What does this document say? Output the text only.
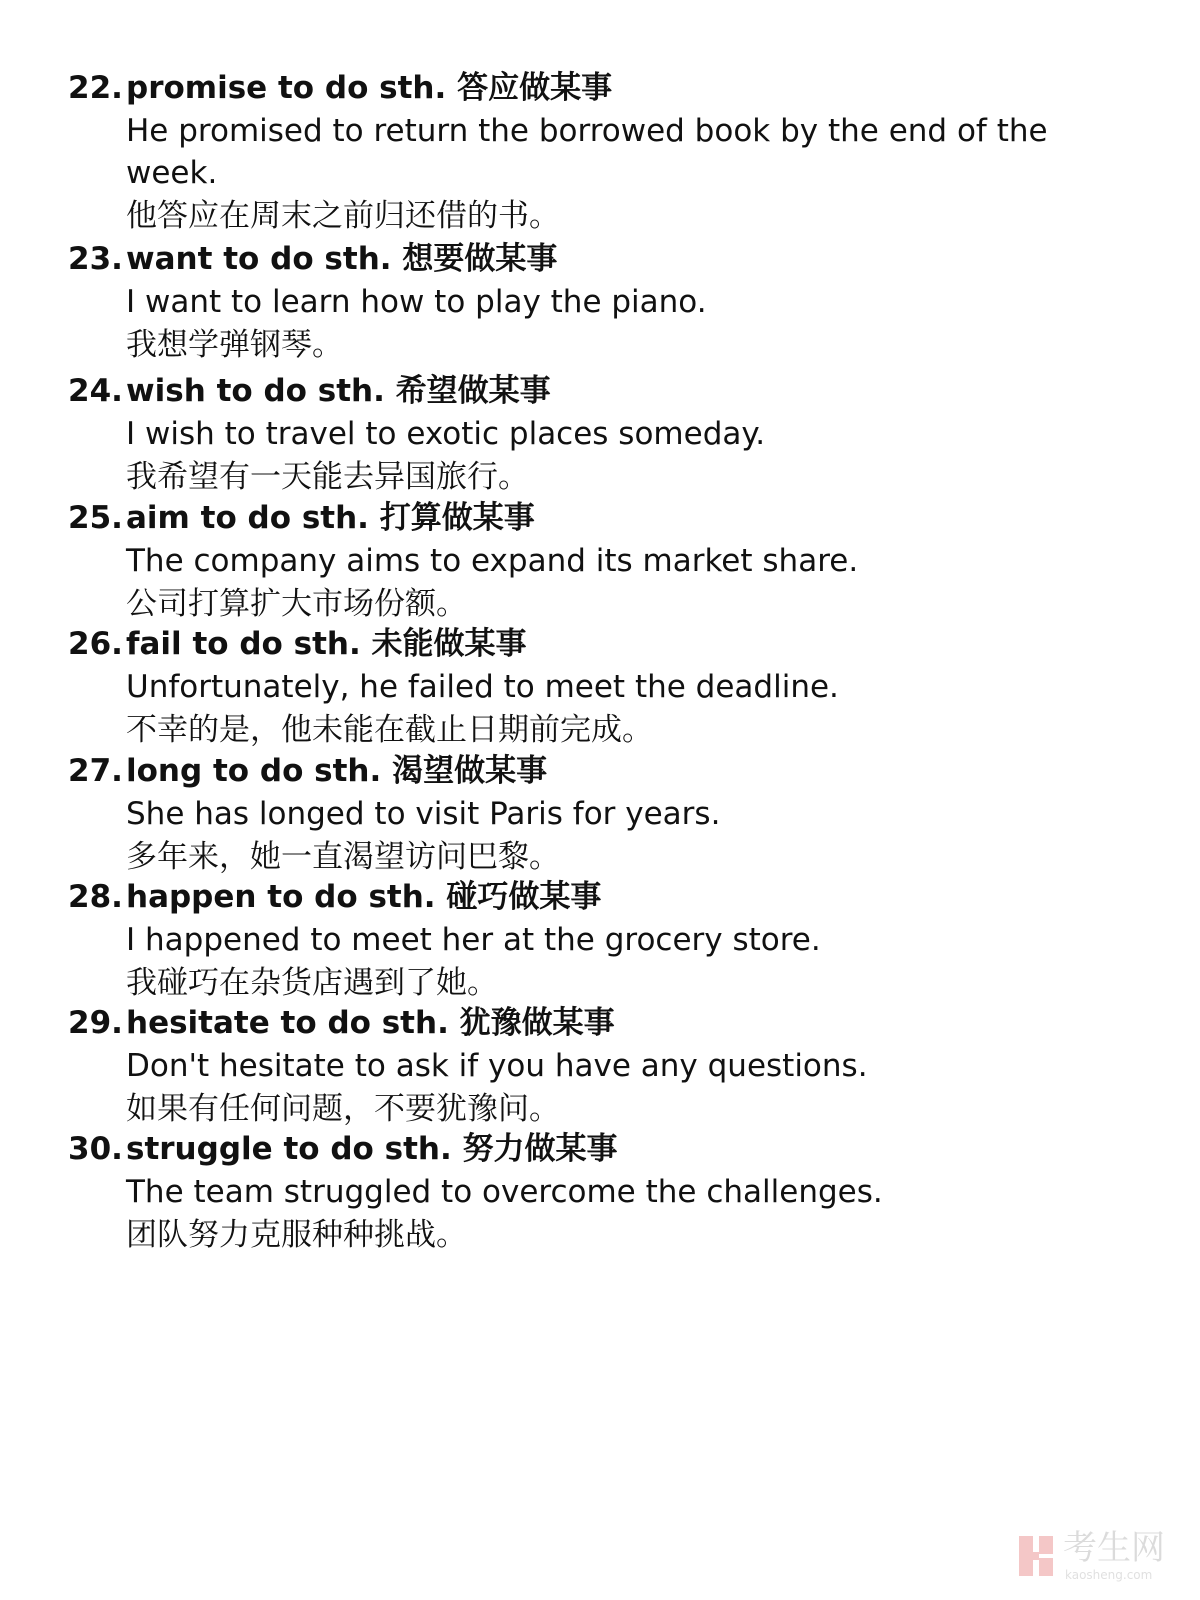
22. promise to do sth. 答应做某事
He promised to return the borrowed book by the end of the week.
他答应在周末之前归还借的书。
23. want to do sth. 想要做某事
I want to learn how to play the piano.
我想学弹钢琴。
24. wish to do sth. 希望做某事
I wish to travel to exotic places someday.
我希望有一天能去异国旅行。
25. aim to do sth. 打算做某事
The company aims to expand its market share.
公司打算扩大市场份额。
26. fail to do sth. 未能做某事
Unfortunately, he failed to meet the deadline.
不幸的是，他未能在截止日期前完成。
27. long to do sth. 渴望做某事
She has longed to visit Paris for years.
多年来，她一直渴望访问巴黎。
28. happen to do sth. 碰巧做某事
I happened to meet her at the grocery store.
我碰巧在杂货店遇到了她。
29. hesitate to do sth. 犹豫做某事
Don't hesitate to ask if you have any questions.
如果有任何问题，不要犹豫问。
30. struggle to do sth. 努力做某事
The team struggled to overcome the challenges.
团队努力克服种种挑战。
考生网
kaosheng.com
